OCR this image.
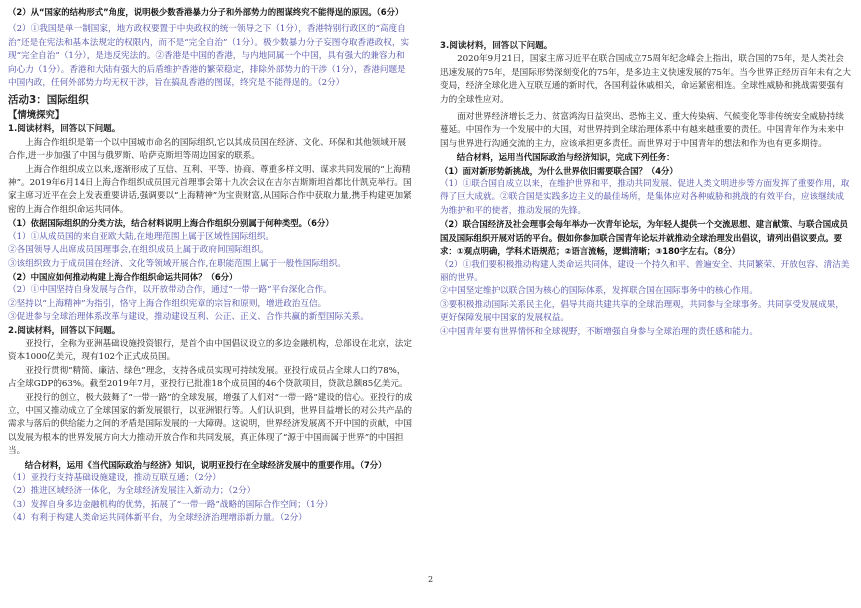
（2）从“国家的结构形式”角度，说明极少数香港暴力分子和外部势力的图谋终究不能得逞的原因。（6分）

（2）①我国是单一制国家，地方政权要置于中央政权的统一领导之下（1分），香港特别行政区的“高度自治”还是在宪法和基本法规定的权限内，而不是“完全自治”（1分）。极少数暴力分子妄图夺取香港政权，实现“完全自治”（1分），是违反宪法的。②香港是中国的香港，与内地同属一个中国，具有强大的兼容力和向心力（1分）。香港和大陆有强大的后盾维护香港的繁荣稳定，排除外部势力的干涉（1分），香港问题是中国内政，任何外部势力均无权干涉，旨在搞乱香港的图谋，终究是不能得逞的。（2分）

活动3：国际组织

【情境探究】

1.阅读材料，回答以下问题。

上海合作组织是第一个以中国城市命名的国际组织,它以其成员国在经济、文化、环保和其他领域开展合作,进一步加强了中国与俄罗斯、哈萨克斯坦等周边国家的联系。

上海合作组织成立以来,逐渐形成了互信、互利、平等、协商、尊重多样文明、谋求共同发展的“上海精神”。2019年6月14日上海合作组织成员国元首理事会第十九次会议在吉尔吉斯斯坦首都比什凯克举行。国家主席习近平在会上发表重要讲话,强调要以“上海精神”为宝贵财富,从国际合作中获取力量,携手构建更加紧密的上海合作组织命运共同体。

（1）依据国际组织的分类方法，结合材料说明上海合作组织分别属于何种类型。（6分）

（1）①从成员国的来自亚欧大陆,在地理范围上属于区域性国际组织。

②各国领导人出席成员国理事会,在组织成员上属于政府间国际组织。

③该组织致力于成员国在经济、文化等领域开展合作,在职能范围上属于一般性国际组织。

（2）中国应如何推动构建上海合作组织命运共同体？（6分）

（2）①中国坚持自身发展与合作，以开放带动合作，通过“一带一路”平台深化合作。

②坚持以“上海精神”为指引，恪守上海合作组织宪章的宗旨和原则，增进政治互信。

③促进参与全球治理体系改革与建设，推动建设互利、公正、正义、合作共赢的新型国际关系。

2.阅读材料，回答以下问题。

亚投行，全称为亚洲基础设施投资银行，是首个由中国倡议设立的多边金融机构，总部设在北京，法定资本1000亿美元，现有102个正式成员国。

亚投行贯彻“精简、廉洁、绿色”理念，支持各成员实现可持续发展。亚投行成员占全球人口约78%，占全球GDP的63%。截至2019年7月，亚投行已批准18个成员国的46个贷款项目，贷款总额85亿美元。

亚投行的创立，极大鼓舞了“一带一路”的全球发展，增强了人们对“一带一路”建设的信心。亚投行的成立，中国又推动成立了全球国家的新发展银行，以亚洲银行等。人们认识到，世界目益增长的对公共产品的需求与落后的供给能力之间的矛盾是国际发展的一大障碍。这说明，世界经济发展离不开中国的贡献，中国以发展为根本的世界发展方向大力推动开放合作和共同发展，真正体现了“源于中国而属于世界”的中国担当。

结合材料，运用《当代国际政治与经济》知识，说明亚投行在全球经济发展中的重要作用。（7分）

（1）亚投行支持基础设施建设，推动互联互通；（2分）

（2）推进区域经济一体化，为全球经济发展注入新动力；（2分）

（3）发挥自身多边金融机构的优势，拓展了“一带一路”战略的国际合作空间；（1分）

（4）有利于构建人类命运共同体新平台，为全球经济治理增添新力量。（2分）

3.阅读材料，回答以下问题。

2020年9月21日，国家主席习近平在联合国成立75周年纪念峰会上指出，联合国的75年，是人类社会迅速发展的75年，是国际形势深刻变化的75年，是多边主义快速发展的75年。当今世界正经历百年未有之大变局，经济全球化进入互联互通的新时代，各国利益休戚相关，命运紧密相连。全球性威胁和挑战需要强有力的全球性应对。

面对世界经济增长乏力、贫富鸿沟日益突出、恐怖主义、重大传染病、气候变化等非传统安全威胁持续蔓延。中国作为一个发展中的大国，对世界持到全球治理体系中有越来越重要的责任。中国青年作为未来中国与世界进行沟通交流的主力，应该承担更多责任。而世界对于中国青年的想法和作为也有更多期待。

结合材料，运用当代国际政治与经济知识，完成下列任务：

（1）面对新形势新挑战，为什么世界依旧需要联合国？（4分）

（1）①联合国自成立以来，在维护世界和平，推动共同发展、促进人类文明进步等方面发挥了重要作用，取得了巨大成就。②联合国是实践多边主义的最佳场所，是集体应对各种威胁和挑战的有效平台，应该继续成为维护和平的使者，推动发展的先锋。

（2）联合国经济及社会理事会每年举办一次青年论坛，为年轻人提供一个交流思想、建言献策、与联合国成员国及国际组织开展对话的平台。假如你参加联合国青年论坛并就推动全球治理发出倡议，请列出倡议要点。要求：①观点明确，学科术语规范；②语言流畅，逻辑清晰；③180字左右。（8分）

（2）①我们要积极推动构建人类命运共同体，建设一个持久和平、普遍安全、共同繁荣、开放包容、清洁美丽的世界。

②中国坚定维护以联合国为核心的国际体系，发挥联合国在国际事务中的核心作用。

③要积极推动国际关系民主化，倡导共商共建共享的全球治理观，共同参与全球事务。共同享受发展成果，更好保障发展中国家的发展权益。

④中国青年要有世界情怀和全球视野，不断增强自身参与全球治理的责任感和能力。

2
